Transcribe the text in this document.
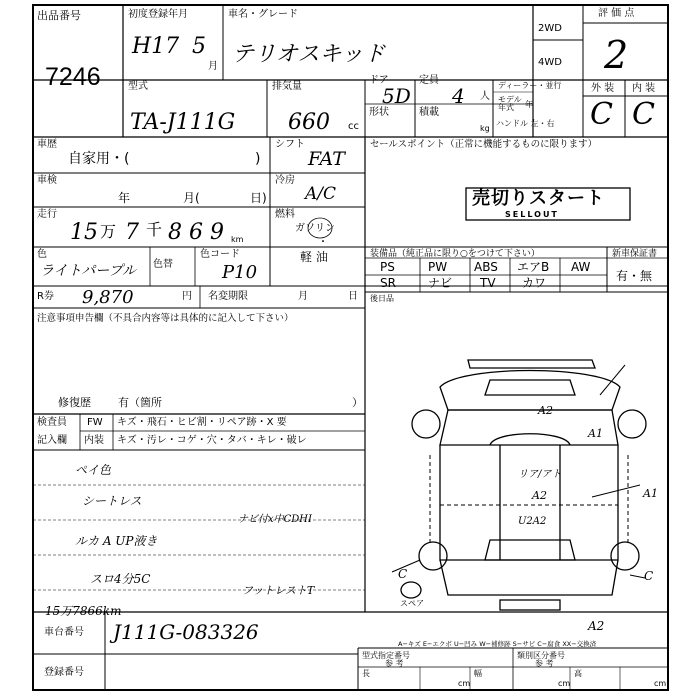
出品番号
7246
初度登録年月
H17 5
月
車名・グレード
テリオスキッド
2WD
4WD
評 価 点
2
型式
TA-J111G
排気量
660 cc
ドア
5D
定員
4 人
ディーラー・並行
モデル 年式	年
形状	積載
kg
ハンドル 左・右
外 装 内 装
C C
車歴
自家用・(	)
シフト
FAT
車検
年	月(	日)
冷房
A/C
走行
15 万 7 千 8 6 9 km
燃料
ガソリン
軽 油
・
色
ライトパープル 色替
色コード
P10
R券 9,870	円 名変期限	月	日
注意事項申告欄（不具合内容等は具体的に記入して下さい）
修復歴 有（箇所	）
検査員
記入欄
FW キズ・飛石・ヒビ割・リペア跡・X 要
内装 キズ・汚レ・コゲ・穴・タバ・キレ・破レ
ペイ色
シートレス
ルカ A UP液き
スロ4分5C
15万7866km
ナビ付x中CDHI
フットレストT
セールスポイント（正常に機能するものに限ります）
売切りスタート
SELLOUT
装備品（純正品に限り○をつけて下さい）
PS	PW ABS エアB AW
SR	ナビ TV カワ
新車保証書
有・無
後日品
A2
A1
A1
リア/アト
A2
U2A2
C	C
A2
スペア
A−キズ E−エクボ U−凹み W−補修跡 S−サビ C−腐食 XX−交換済
車台番号 J111G-083326
登録番号
型式指定番号
参 考
類別区分番号
参 考
長
cm
幅
cm
高
cm
